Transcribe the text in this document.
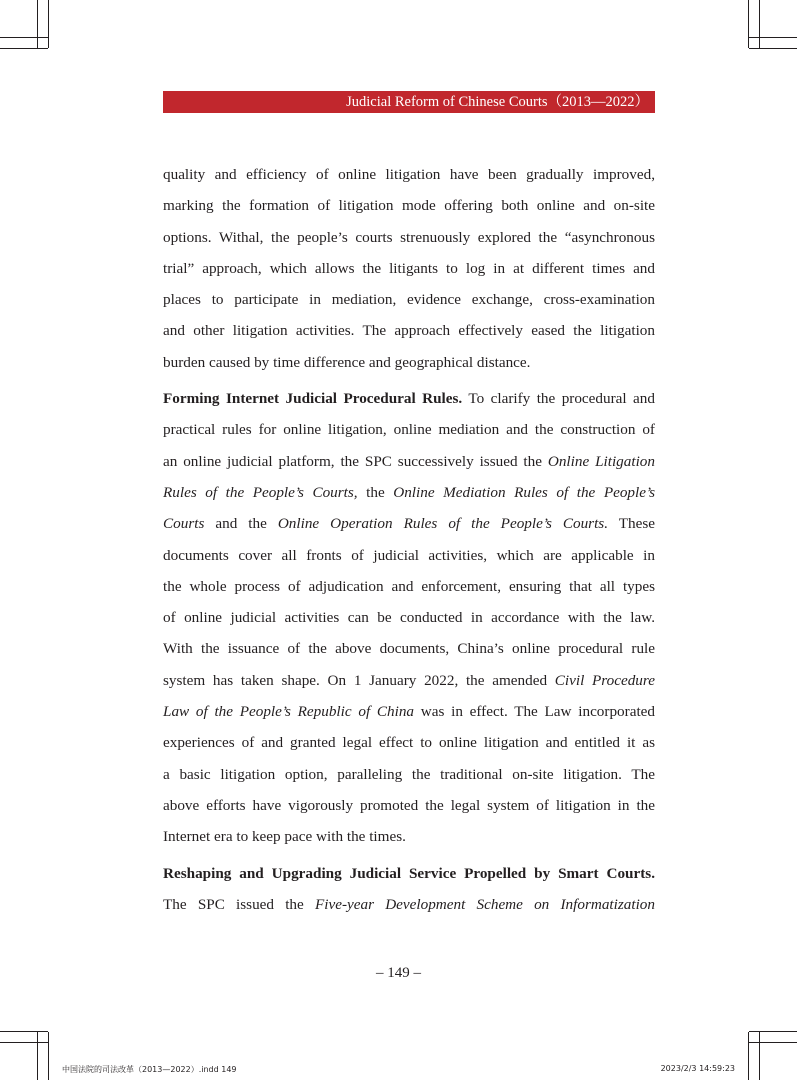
Judicial Reform of Chinese Courts（2013—2022）

quality and efficiency of online litigation have been gradually improved,
marking the formation of litigation mode offering both online and on-site
options. Withal, the people’s courts strenuously explored the “asynchronous
trial” approach, which allows the litigants to log in at different times and
places to participate in mediation, evidence exchange, cross-examination
and other litigation activities. The approach effectively eased the litigation
burden caused by time difference and geographical distance.

Forming Internet Judicial Procedural Rules. To clarify the procedural and
practical rules for online litigation, online mediation and the construction of
an online judicial platform, the SPC successively issued the Online Litigation
Rules of the People’s Courts, the Online Mediation Rules of the People’s
Courts and the Online Operation Rules of the People’s Courts. These
documents cover all fronts of judicial activities, which are applicable in
the whole process of adjudication and enforcement, ensuring that all types
of online judicial activities can be conducted in accordance with the law.
With the issuance of the above documents, China’s online procedural rule
system has taken shape. On 1 January 2022, the amended Civil Procedure
Law of the People’s Republic of China was in effect. The Law incorporated
experiences of and granted legal effect to online litigation and entitled it as
a basic litigation option, paralleling the traditional on-site litigation. The
above efforts have vigorously promoted the legal system of litigation in the
Internet era to keep pace with the times.

Reshaping and Upgrading Judicial Service Propelled by Smart Courts.
The SPC issued the Five-year Development Scheme on Informatization

– 149 –
中国法院的司法改革（2013—2022）.indd 149	2023/2/3 14:59:23
